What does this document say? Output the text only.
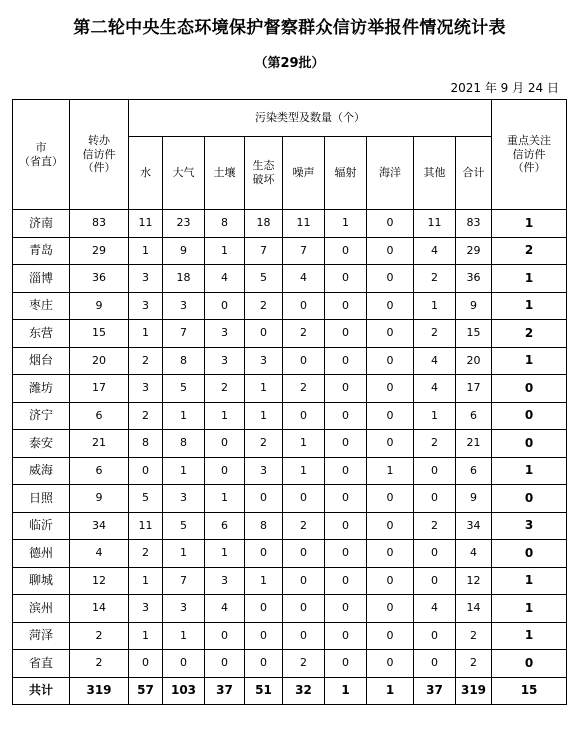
第二轮中央生态环境保护督察群众信访举报件情况统计表
（第29批）
2021 年 9 月 24 日
市
（省直）	转办
信访件
（件）	污染类型及数量（个）									重点关注
信访件
（件）
		水	大气	土壤	生态
破坏	噪声	辐射	海洋	其他	合计	
济南	83	11	23	8	18	11	1	0	11	83	1
青岛	29	1	9	1	7	7	0	0	4	29	2
淄博	36	3	18	4	5	4	0	0	2	36	1
枣庄	9	3	3	0	2	0	0	0	1	9	1
东营	15	1	7	3	0	2	0	0	2	15	2
烟台	20	2	8	3	3	0	0	0	4	20	1
潍坊	17	3	5	2	1	2	0	0	4	17	0
济宁	6	2	1	1	1	0	0	0	1	6	0
泰安	21	8	8	0	2	1	0	0	2	21	0
威海	6	0	1	0	3	1	0	1	0	6	1
日照	9	5	3	1	0	0	0	0	0	9	0
临沂	34	11	5	6	8	2	0	0	2	34	3
德州	4	2	1	1	0	0	0	0	0	4	0
聊城	12	1	7	3	1	0	0	0	0	12	1
滨州	14	3	3	4	0	0	0	0	4	14	1
菏泽	2	1	1	0	0	0	0	0	0	2	1
省直	2	0	0	0	0	2	0	0	0	2	0
共计	319	57	103	37	51	32	1	1	37	319	15
